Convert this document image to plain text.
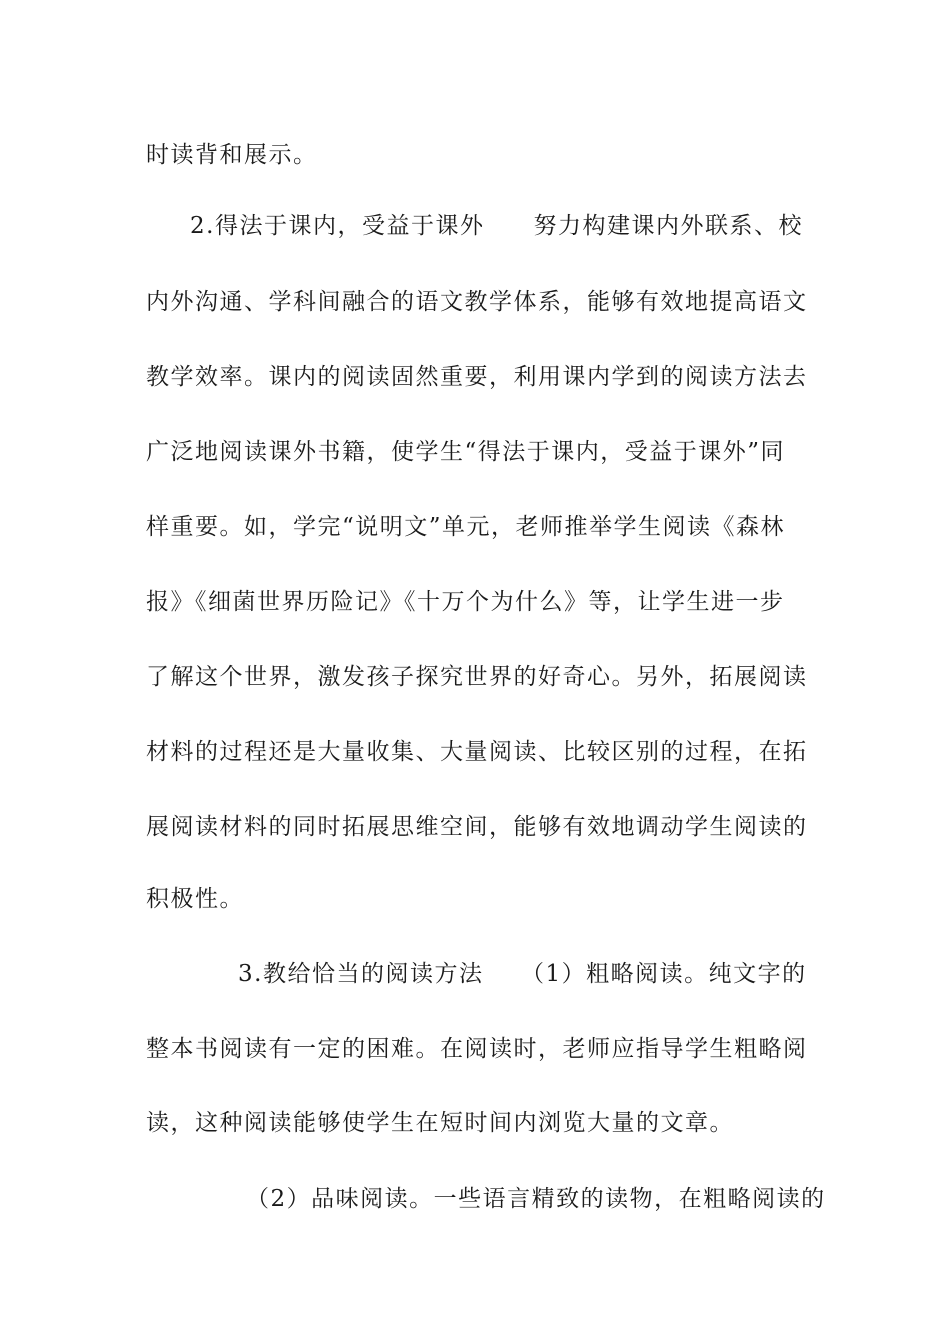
时读背和展示。
2.得法于课内，受益于课外　　努力构建课内外联系、校
内外沟通、学科间融合的语文教学体系，能够有效地提高语文
教学效率。课内的阅读固然重要，利用课内学到的阅读方法去
广泛地阅读课外书籍，使学生“得法于课内，受益于课外”同
样重要。如，学完“说明文”单元，老师推举学生阅读《森林
报》《细菌世界历险记》《十万个为什么》等，让学生进一步
了解这个世界，激发孩子探究世界的好奇心。另外，拓展阅读
材料的过程还是大量收集、大量阅读、比较区别的过程，在拓
展阅读材料的同时拓展思维空间，能够有效地调动学生阅读的
积极性。
3.教给恰当的阅读方法　　（1）粗略阅读。纯文字的
整本书阅读有一定的困难。在阅读时，老师应指导学生粗略阅
读，这种阅读能够使学生在短时间内浏览大量的文章。
（2）品味阅读。一些语言精致的读物，在粗略阅读的
